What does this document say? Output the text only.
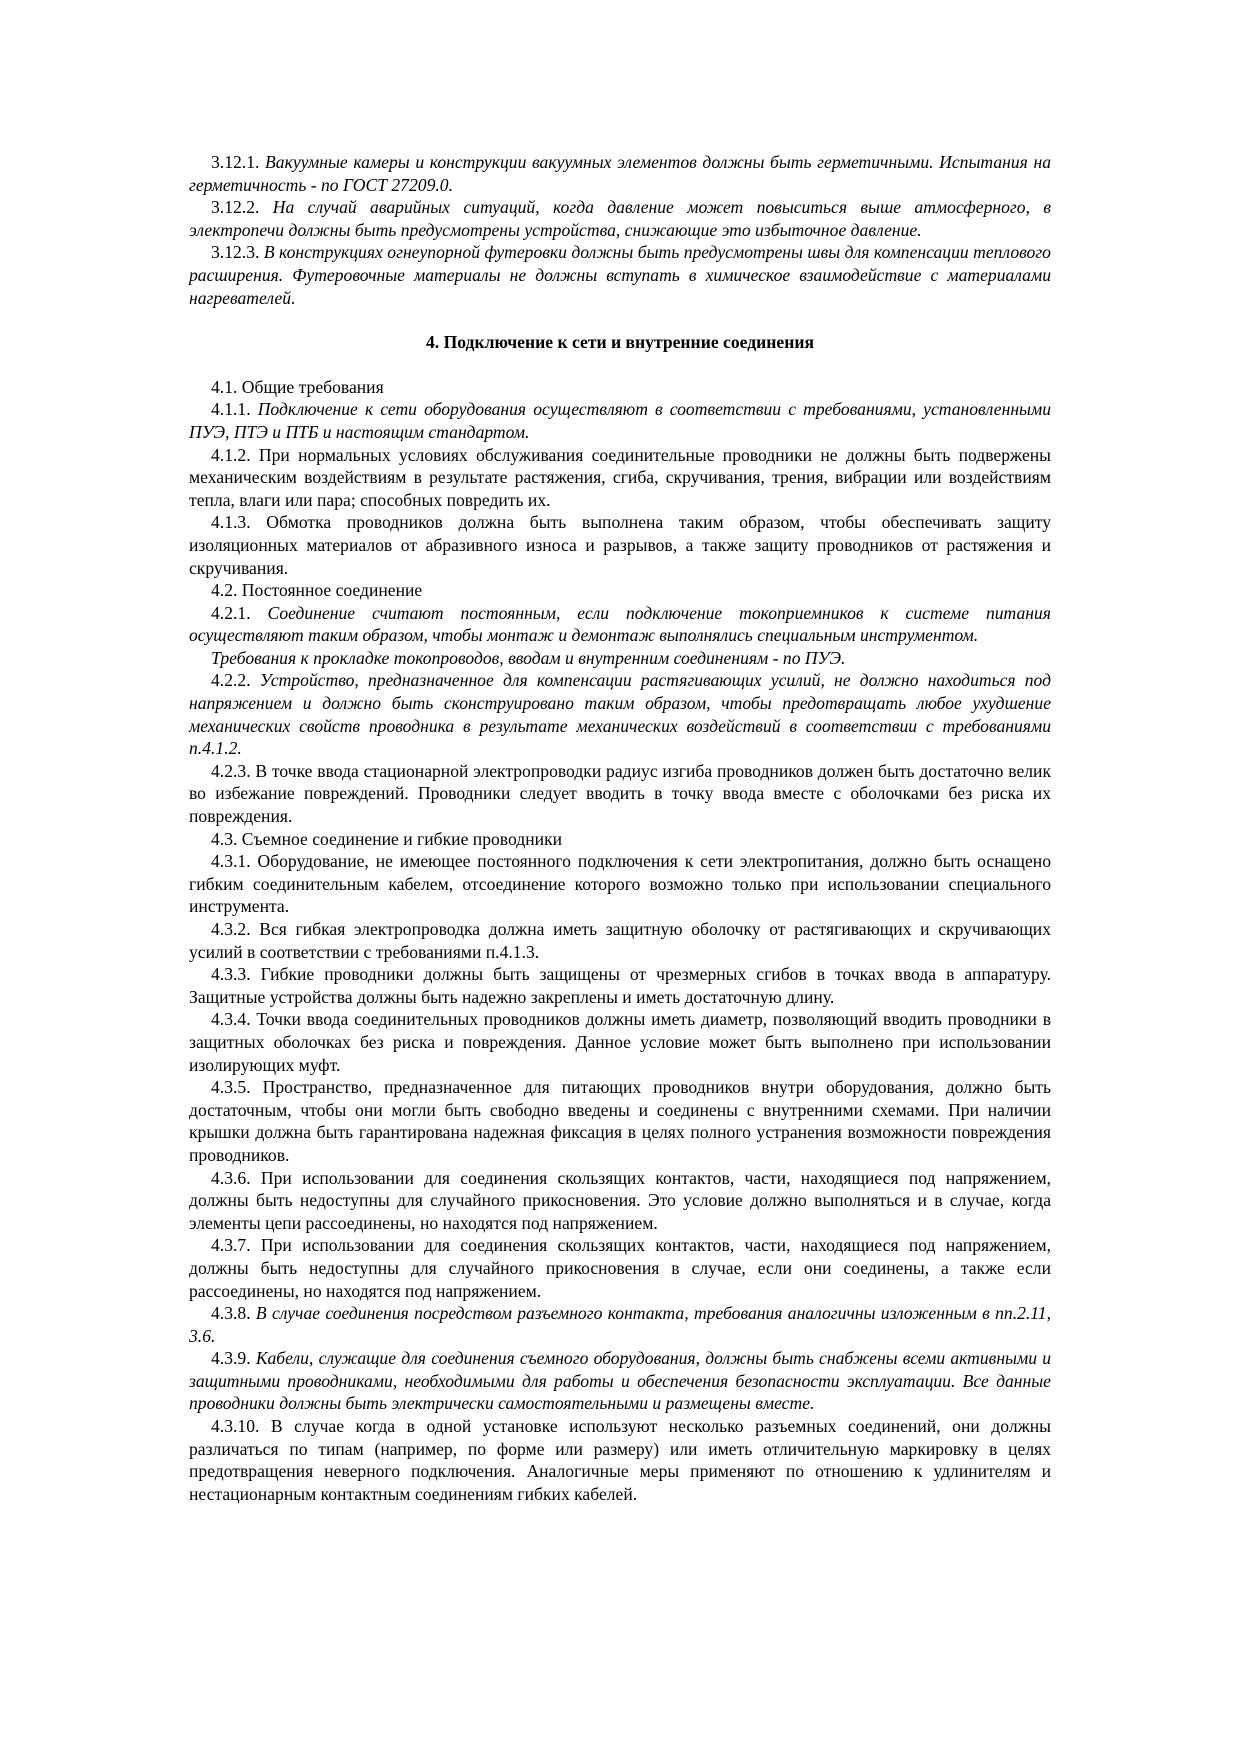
3.12.1. Вакуумные камеры и конструкции вакуумных элементов должны быть герметичными. Испытания на герметичность - по ГОСТ 27209.0.

3.12.2. На случай аварийных ситуаций, когда давление может повыситься выше атмосферного, в электропечи должны быть предусмотрены устройства, снижающие это избыточное давление.

3.12.3. В конструкциях огнеупорной футеровки должны быть предусмотрены швы для компенсации теплового расширения. Футеровочные материалы не должны вступать в химическое взаимодействие с материалами нагревателей.

4. Подключение к сети и внутренние соединения

4.1. Общие требования

4.1.1. Подключение к сети оборудования осуществляют в соответствии с требованиями, установленными ПУЭ, ПТЭ и ПТБ и настоящим стандартом.

4.1.2. При нормальных условиях обслуживания соединительные проводники не должны быть подвержены механическим воздействиям в результате растяжения, сгиба, скручивания, трения, вибрации или воздействиям тепла, влаги или пара; способных повредить их.

4.1.3. Обмотка проводников должна быть выполнена таким образом, чтобы обеспечивать защиту изоляционных материалов от абразивного износа и разрывов, а также защиту проводников от растяжения и скручивания.

4.2. Постоянное соединение

4.2.1. Соединение считают постоянным, если подключение токоприемников к системе питания осуществляют таким образом, чтобы монтаж и демонтаж выполнялись специальным инструментом.

Требования к прокладке токопроводов, вводам и внутренним соединениям - по ПУЭ.

4.2.2. Устройство, предназначенное для компенсации растягивающих усилий, не должно находиться под напряжением и должно быть сконструировано таким образом, чтобы предотвращать любое ухудшение механических свойств проводника в результате механических воздействий в соответствии с требованиями п.4.1.2.

4.2.3. В точке ввода стационарной электропроводки радиус изгиба проводников должен быть достаточно велик во избежание повреждений. Проводники следует вводить в точку ввода вместе с оболочками без риска их повреждения.

4.3. Съемное соединение и гибкие проводники

4.3.1. Оборудование, не имеющее постоянного подключения к сети электропитания, должно быть оснащено гибким соединительным кабелем, отсоединение которого возможно только при использовании специального инструмента.

4.3.2. Вся гибкая электропроводка должна иметь защитную оболочку от растягивающих и скручивающих усилий в соответствии с требованиями п.4.1.3.

4.3.3. Гибкие проводники должны быть защищены от чрезмерных сгибов в точках ввода в аппаратуру. Защитные устройства должны быть надежно закреплены и иметь достаточную длину.

4.3.4. Точки ввода соединительных проводников должны иметь диаметр, позволяющий вводить проводники в защитных оболочках без риска и повреждения. Данное условие может быть выполнено при использовании изолирующих муфт.

4.3.5. Пространство, предназначенное для питающих проводников внутри оборудования, должно быть достаточным, чтобы они могли быть свободно введены и соединены с внутренними схемами. При наличии крышки должна быть гарантирована надежная фиксация в целях полного устранения возможности повреждения проводников.

4.3.6. При использовании для соединения скользящих контактов, части, находящиеся под напряжением, должны быть недоступны для случайного прикосновения. Это условие должно выполняться и в случае, когда элементы цепи рассоединены, но находятся под напряжением.

4.3.7. При использовании для соединения скользящих контактов, части, находящиеся под напряжением, должны быть недоступны для случайного прикосновения в случае, если они соединены, а также если рассоединены, но находятся под напряжением.

4.3.8. В случае соединения посредством разъемного контакта, требования аналогичны изложенным в пп.2.11, 3.6.

4.3.9. Кабели, служащие для соединения съемного оборудования, должны быть снабжены всеми активными и защитными проводниками, необходимыми для работы и обеспечения безопасности эксплуатации. Все данные проводники должны быть электрически самостоятельными и размещены вместе.

4.3.10. В случае когда в одной установке используют несколько разъемных соединений, они должны различаться по типам (например, по форме или размеру) или иметь отличительную маркировку в целях предотвращения неверного подключения. Аналогичные меры применяют по отношению к удлинителям и нестационарным контактным соединениям гибких кабелей.
